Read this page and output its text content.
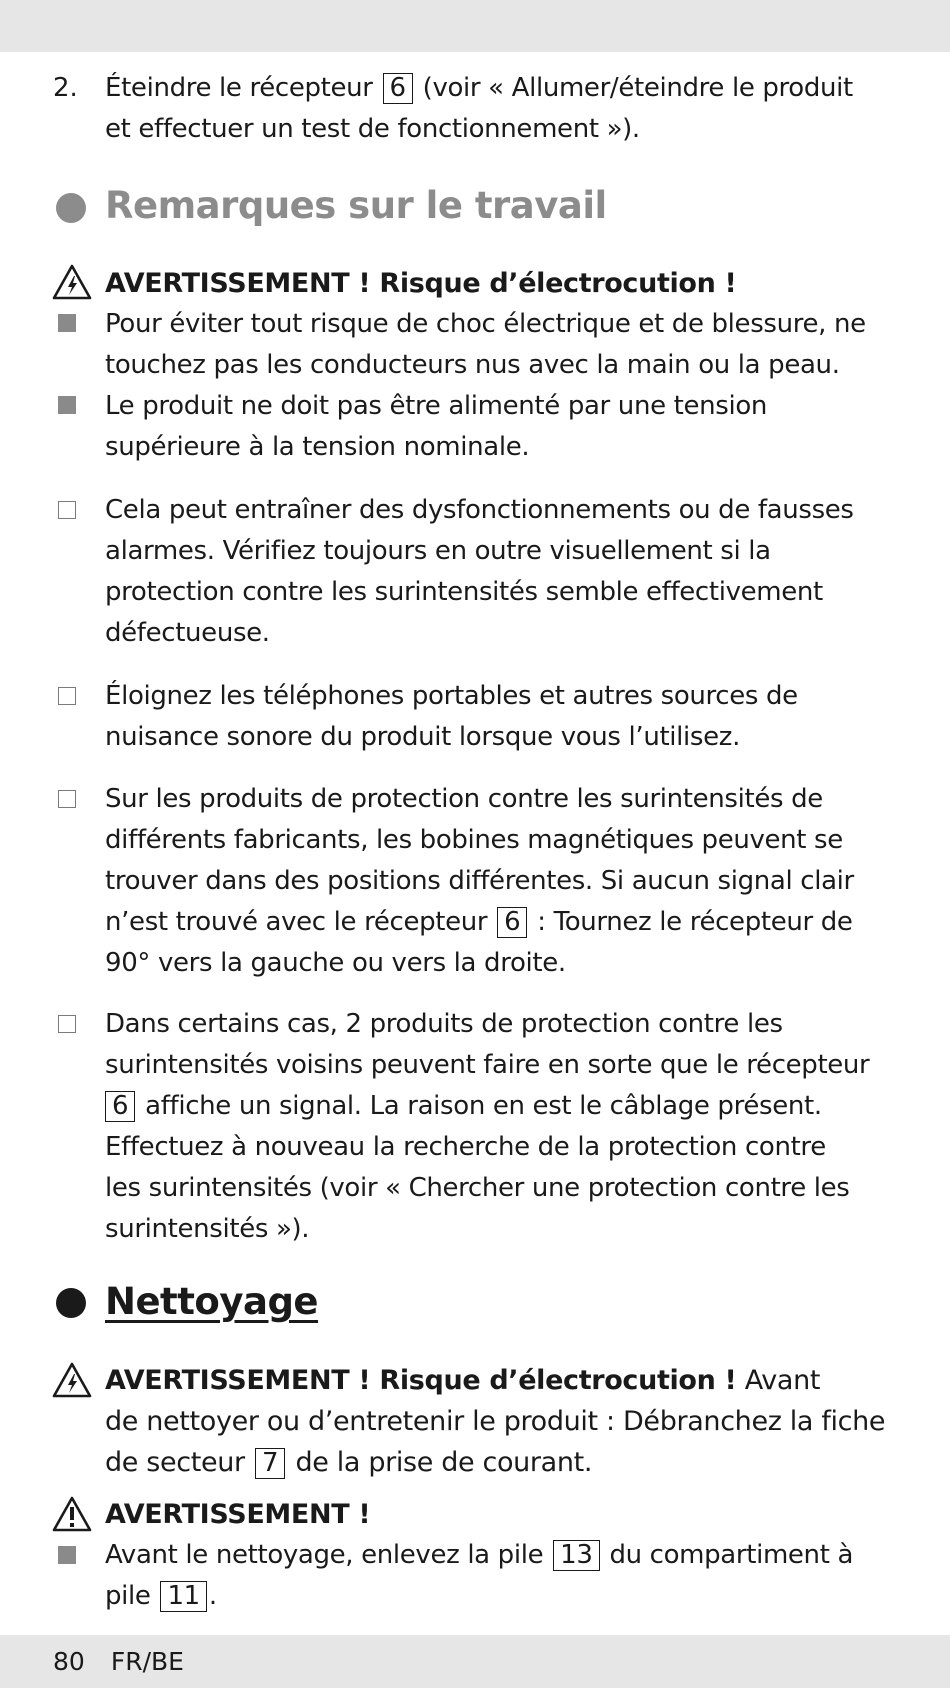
2. Éteindre le récepteur 6 (voir « Allumer/éteindre le produit
et effectuer un test de fonctionnement »).
Remarques sur le travail
AVERTISSEMENT ! Risque d’électrocution !
Pour éviter tout risque de choc électrique et de blessure, ne
touchez pas les conducteurs nus avec la main ou la peau.
Le produit ne doit pas être alimenté par une tension
supérieure à la tension nominale.
Cela peut entraîner des dysfonctionnements ou de fausses
alarmes. Vérifiez toujours en outre visuellement si la
protection contre les surintensités semble effectivement
défectueuse.
Éloignez les téléphones portables et autres sources de
nuisance sonore du produit lorsque vous l’utilisez.
Sur les produits de protection contre les surintensités de
différents fabricants, les bobines magnétiques peuvent se
trouver dans des positions différentes. Si aucun signal clair
n’est trouvé avec le récepteur 6 : Tournez le récepteur de
90° vers la gauche ou vers la droite.
Dans certains cas, 2 produits de protection contre les
surintensités voisins peuvent faire en sorte que le récepteur
6 affiche un signal. La raison en est le câblage présent.
Effectuez à nouveau la recherche de la protection contre
les surintensités (voir « Chercher une protection contre les
surintensités »).
Nettoyage
AVERTISSEMENT ! Risque d’électrocution ! Avant
de nettoyer ou d’entretenir le produit : Débranchez la fiche
de secteur 7 de la prise de courant.
AVERTISSEMENT !
Avant le nettoyage, enlevez la pile 13 du compartiment à
pile 11 .
80 FR/BE
